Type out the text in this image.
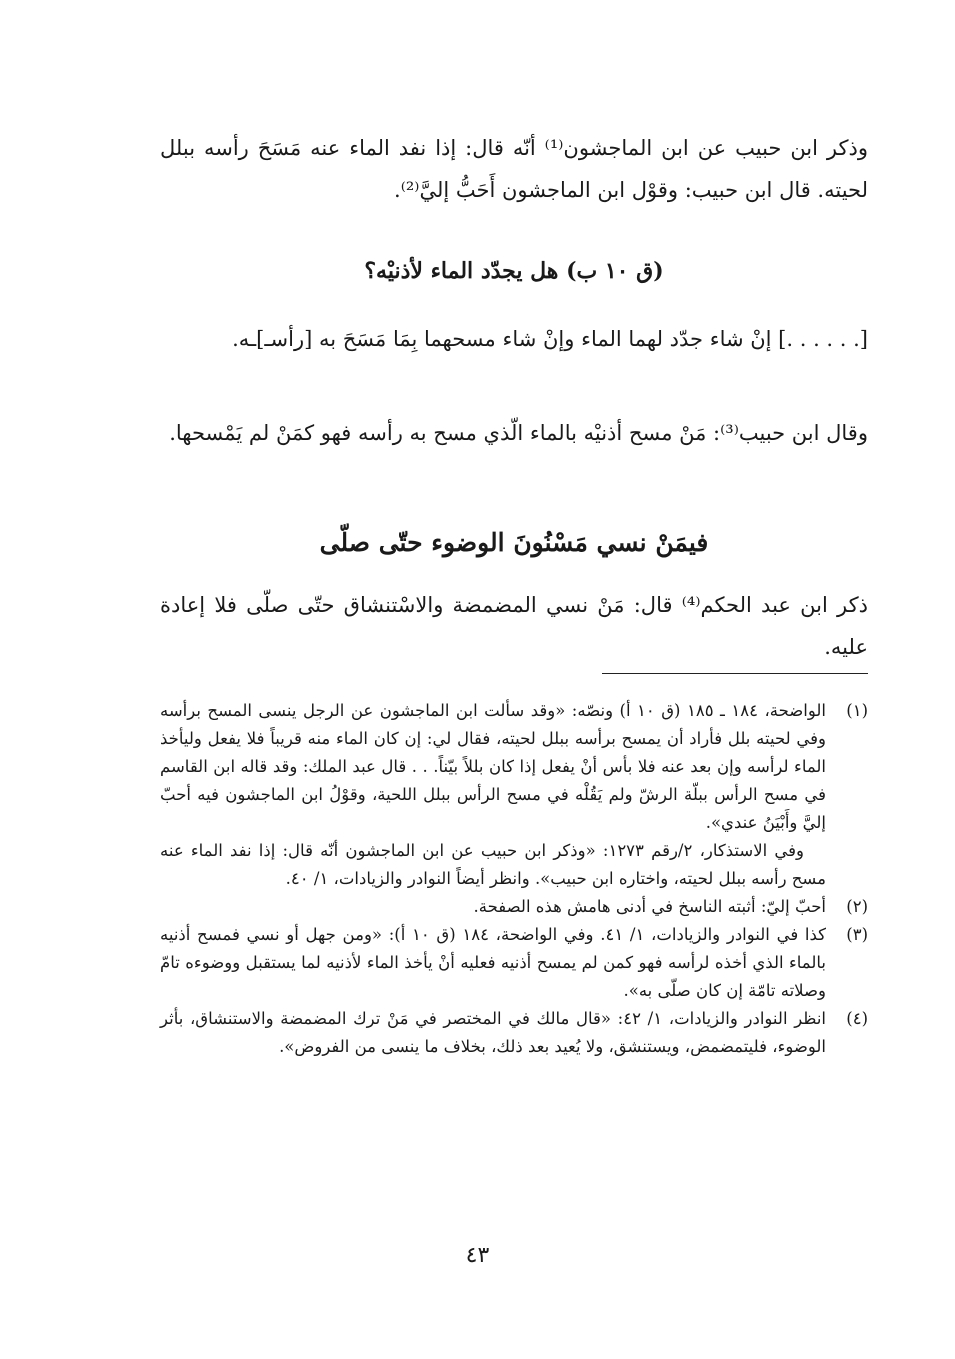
وذكر ابن حبيب عن ابن الماجشون⁽¹⁾ أنّه قال: إذا نفد الماء عنه مَسَحَ رأسه ببلل لحيته. قال ابن حبيب: وقوْل ابن الماجشون أَحَبُّ إليَّ⁽²⁾.
(ق ١٠ ب) هل يجدّد الماء لأذنيْه؟
[. . . . . .] إنْ شاء جدّد لهما الماء وإنْ شاء مسحهما بِمَا مَسَحَ به [رأسـ]ـه.
وقال ابن حبيب⁽³⁾: مَنْ مسح أذنيْه بالماء الّذي مسح به رأسه فهو كمَنْ لم يَمْسحها.
فيمَنْ نسي مَسْنُونَ الوضوء حتّى صلّى
ذكر ابن عبد الحكم⁽⁴⁾ قال: مَنْ نسي المضمضة والاسْتنشاق حتّى صلّى فلا إعادة عليه.
(١)
الواضحة، ١٨٤ ـ ١٨٥ (ق ١٠ أ) ونصّه: «وقد سألت ابن الماجشون عن الرجل ينسى المسح برأسه وفي لحيته بلل فأراد أن يمسح برأسه ببلل لحيته، فقال لي: إن كان الماء منه قريباً فلا يفعل وليأخذ الماء لرأسه وإن بعد عنه فلا بأس أنْ يفعل إذا كان بللاً بيّناً. . . قال عبد الملك: وقد قاله ابن القاسم في مسح الرأس ببلّة الرشّ ولم يَقُلْه في مسح الرأس ببلل اللحية، وقوْلُ ابن الماجشون فيه أحبّ إليَّ وأَبْيَنُ عندي».

وفي الاستذكار، ٢/رقم ١٢٧٣: «وذكر ابن حبيب عن ابن الماجشون أنّه قال: إذا نفد الماء عنه مسح رأسه ببلل لحيته، واختاره ابن حبيب». وانظر أيضاً النوادر والزيادات، ١/ ٤٠.

(٢)
أحبّ إليّ: أثبته الناسخ في أدنى هامش هذه الصفحة.
(٣)
كذا في النوادر والزيادات، ١/ ٤١. وفي الواضحة، ١٨٤ (ق ١٠ أ): «ومن جهل أو نسي فمسح أذنيه بالماء الذي أخذه لرأسه فهو كمن لم يمسح أذنيه فعليه أنْ يأخذ الماء لأذنيه لما يستقبل ووضوءه تامّ وصلاته تامّة إن كان صلّى به».
(٤)
انظر النوادر والزيادات، ١/ ٤٢: «قال مالك في المختصر في مَنْ ترك المضمضة والاستنشاق، بأثر الوضوء، فليتمضمض، ويستنشق، ولا يُعيد بعد ذلك، بخلاف ما ينسى من الفروض».
٤٣
